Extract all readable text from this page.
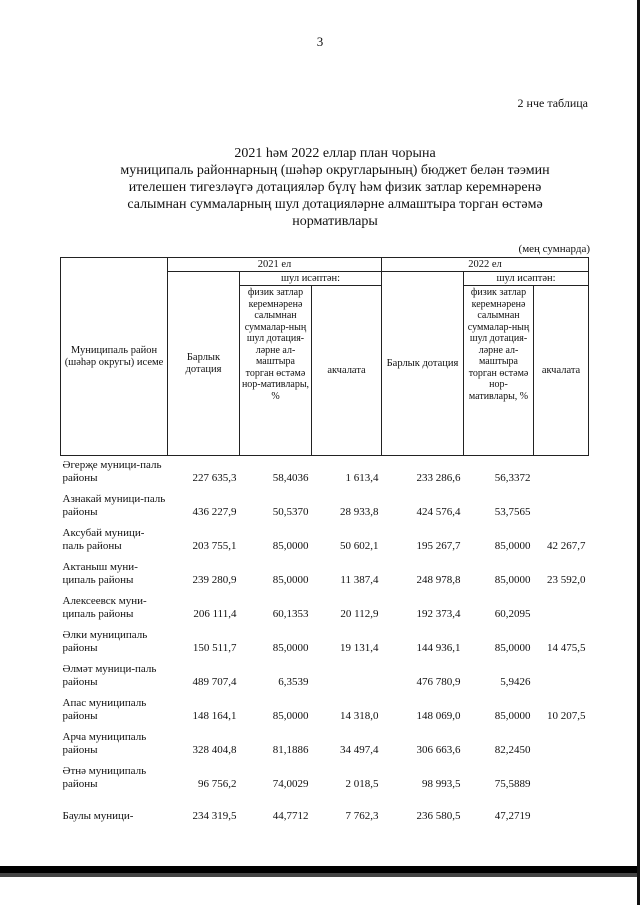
3
2 нче таблица
2021 һәм 2022 еллар план чорына
муниципаль районнарның (шәһәр округларының) бюджет белән тәэмин
ителешен тигезләүгә дотацияләр бүлү һәм физик затлар керемнәренә
салымнан суммаларның шул дотацияләрне алмаштыра торган өстәмә
нормативлары
(мең сумнарда)
Муниципаль район (шәһәр округы) исеме	2021 ел			2022 ел		
	Барлык дотация	шул исәптән:		Барлык дотация	шул исәптән:	
		физик затлар керемнәренә салымнан суммалар-ның шул дотация-ләрне ал-маштыра торган өстәмә нор-мативлары, %	акчалата		физик затлар керемнәренә салымнан суммалар-ның шул дотация-ләрне ал-маштыра торган өстәмә нор-мативлары, %	акчалата
Әгерҗе муници-паль районы	227 635,3	58,4036	1 613,4	233 286,6	56,3372	
Азнакай муници-паль районы	436 227,9	50,5370	28 933,8	424 576,4	53,7565	
Аксубай муници-паль районы	203 755,1	85,0000	50 602,1	195 267,7	85,0000	42 267,7
Актаныш муни-ципаль районы	239 280,9	85,0000	11 387,4	248 978,8	85,0000	23 592,0
Алексеевск муни-ципаль районы	206 111,4	60,1353	20 112,9	192 373,4	60,2095	
Әлки муниципаль районы	150 511,7	85,0000	19 131,4	144 936,1	85,0000	14 475,5
Әлмәт муници-паль районы	489 707,4	6,3539		476 780,9	5,9426	
Апас муниципаль районы	148 164,1	85,0000	14 318,0	148 069,0	85,0000	10 207,5
Арча муниципаль районы	328 404,8	81,1886	34 497,4	306 663,6	82,2450	
Әтнә муниципаль районы	96 756,2	74,0029	2 018,5	98 993,5	75,5889	
Баулы муници-	234 319,5	44,7712	7 762,3	236 580,5	47,2719	
